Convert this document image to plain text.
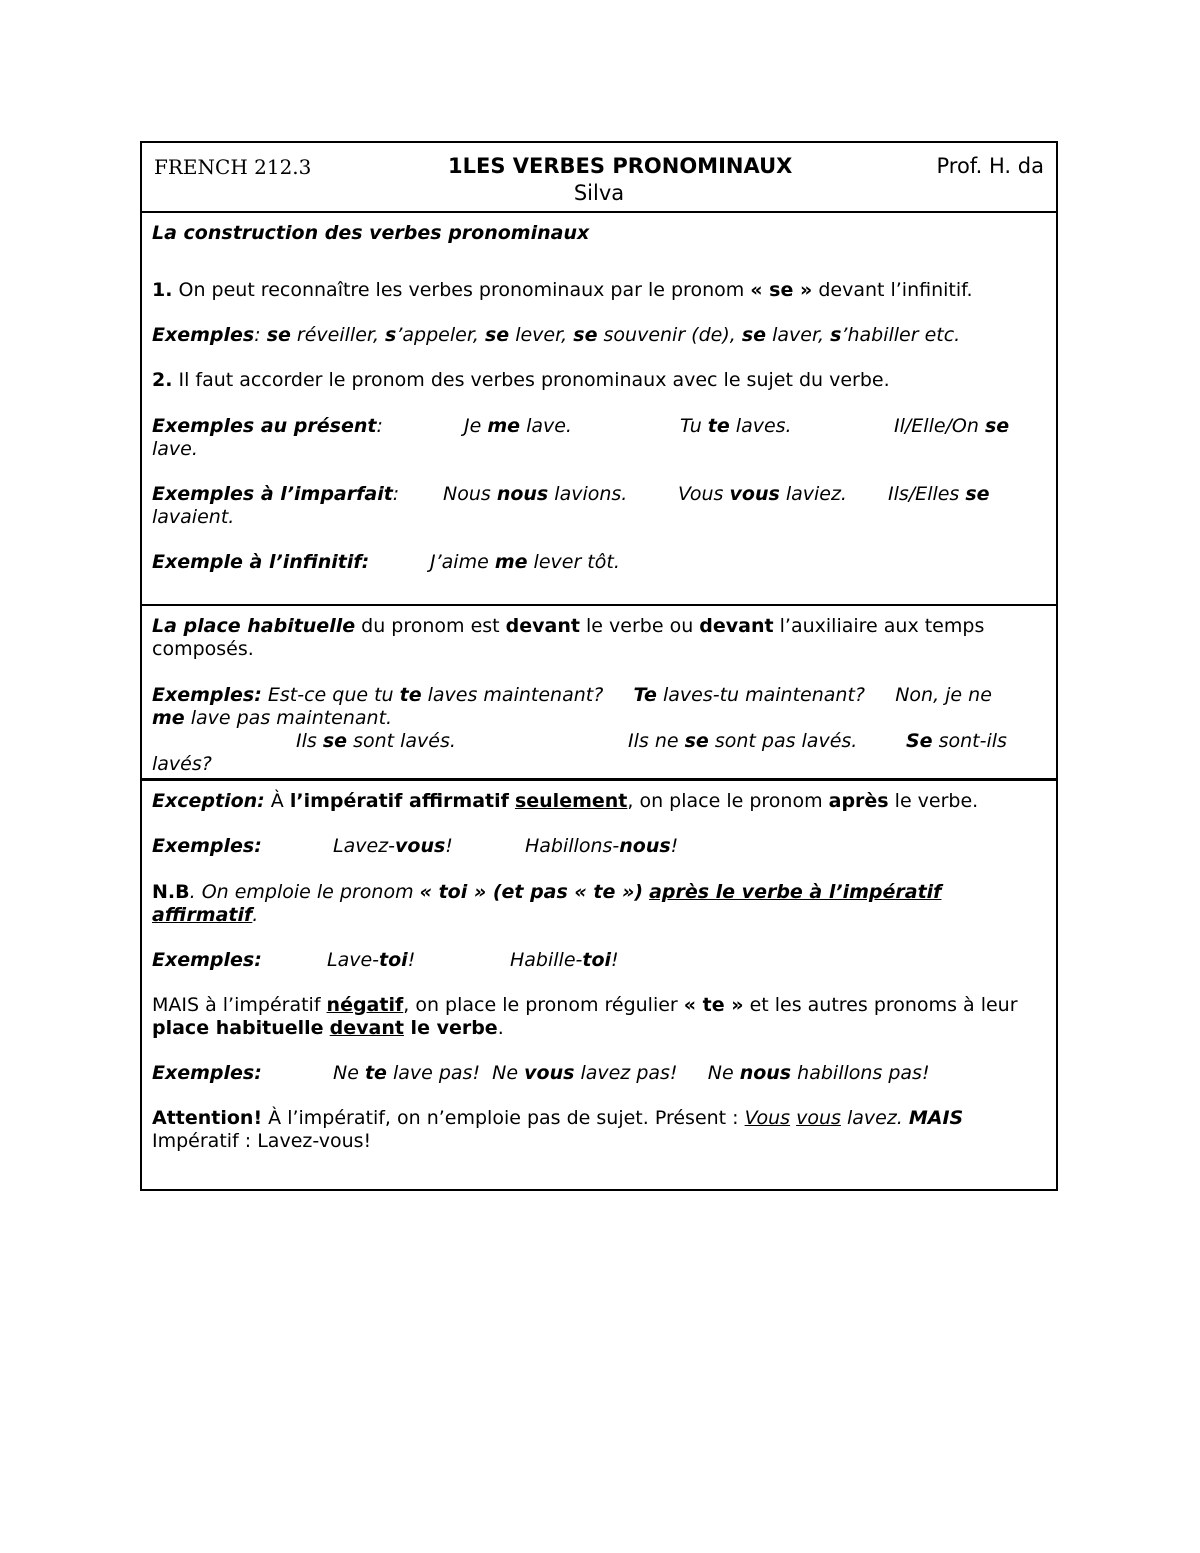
FRENCH 212.3	1LES VERBES PRONOMINAUX	Prof. H. da
Silva

La construction des verbes pronominaux

1. On peut reconnaître les verbes pronominaux par le pronom « se » devant l’infinitif.

Exemples: se réveiller, s’appeler, se lever, se souvenir (de), se laver, s’habiller etc.

2. Il faut accorder le pronom des verbes pronominaux avec le sujet du verbe.

Exemples au présent:	Je me lave.	Tu te laves.	Il/Elle/On se
lave.

Exemples à l’imparfait: Nous nous lavions.	Vous vous laviez. Ils/Elles se
lavaient.

Exemple à l’infinitif:	J’aime me lever tôt.

La place habituelle du pronom est devant le verbe ou devant l’auxiliaire aux temps
composés.

Exemples: Est-ce que tu te laves maintenant? Te laves-tu maintenant? Non, je ne
me lave pas maintenant.
Ils se sont lavés.	Ils ne se sont pas lavés.	Se sont-ils
lavés?

Exception: À l’impératif affirmatif seulement, on place le pronom après le verbe.

Exemples:	Lavez-vous!	Habillons-nous!

N.B. On emploie le pronom « toi » (et pas « te ») après le verbe à l’impératif
affirmatif.

Exemples:	Lave-toi!	Habille-toi!

MAIS à l’impératif négatif, on place le pronom régulier « te » et les autres pronoms à leur
place habituelle devant le verbe.

Exemples:	Ne te lave pas! Ne vous lavez pas! Ne nous habillons pas!

Attention! À l’impératif, on n’emploie pas de sujet. Présent : Vous vous lavez. MAIS
Impératif : Lavez-vous!
